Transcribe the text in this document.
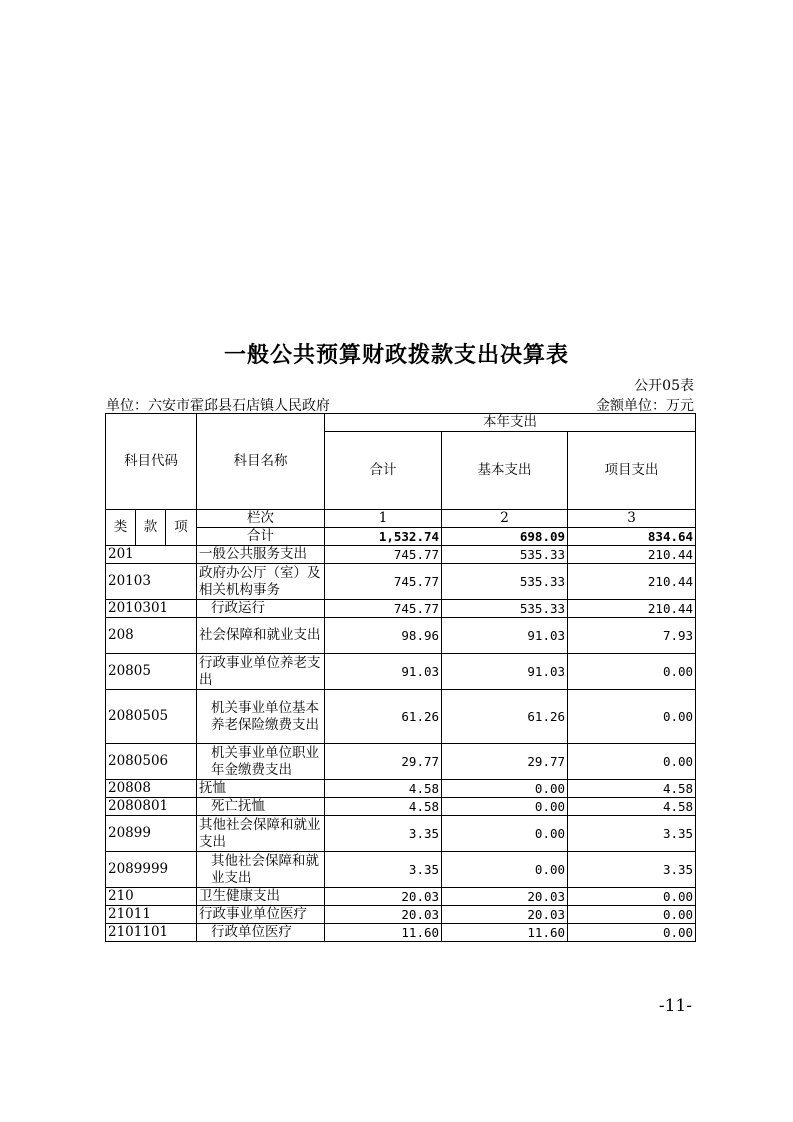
一般公共预算财政拨款支出决算表
公开05表
单位：六安市霍邱县石店镇人民政府	金额单位：万元
科目代码			科目名称	本年支出		
				合计	基本支出	项目支出
类	款	项	栏次	1	2	3
			合计	1,532.74	698.09	834.64
201			一般公共服务支出	745.77	535.33	210.44
20103			政府办公厅（室）及相关机构事务	745.77	535.33	210.44
2010301			行政运行	745.77	535.33	210.44
208			社会保障和就业支出	98.96	91.03	7.93
20805			行政事业单位养老支出	91.03	91.03	0.00
2080505			机关事业单位基本养老保险缴费支出	61.26	61.26	0.00
2080506			机关事业单位职业年金缴费支出	29.77	29.77	0.00
20808			抚恤	4.58	0.00	4.58
2080801			死亡抚恤	4.58	0.00	4.58
20899			其他社会保障和就业支出	3.35	0.00	3.35
2089999			其他社会保障和就业支出	3.35	0.00	3.35
210			卫生健康支出	20.03	20.03	0.00
21011			行政事业单位医疗	20.03	20.03	0.00
2101101			行政单位医疗	11.60	11.60	0.00
-11-
